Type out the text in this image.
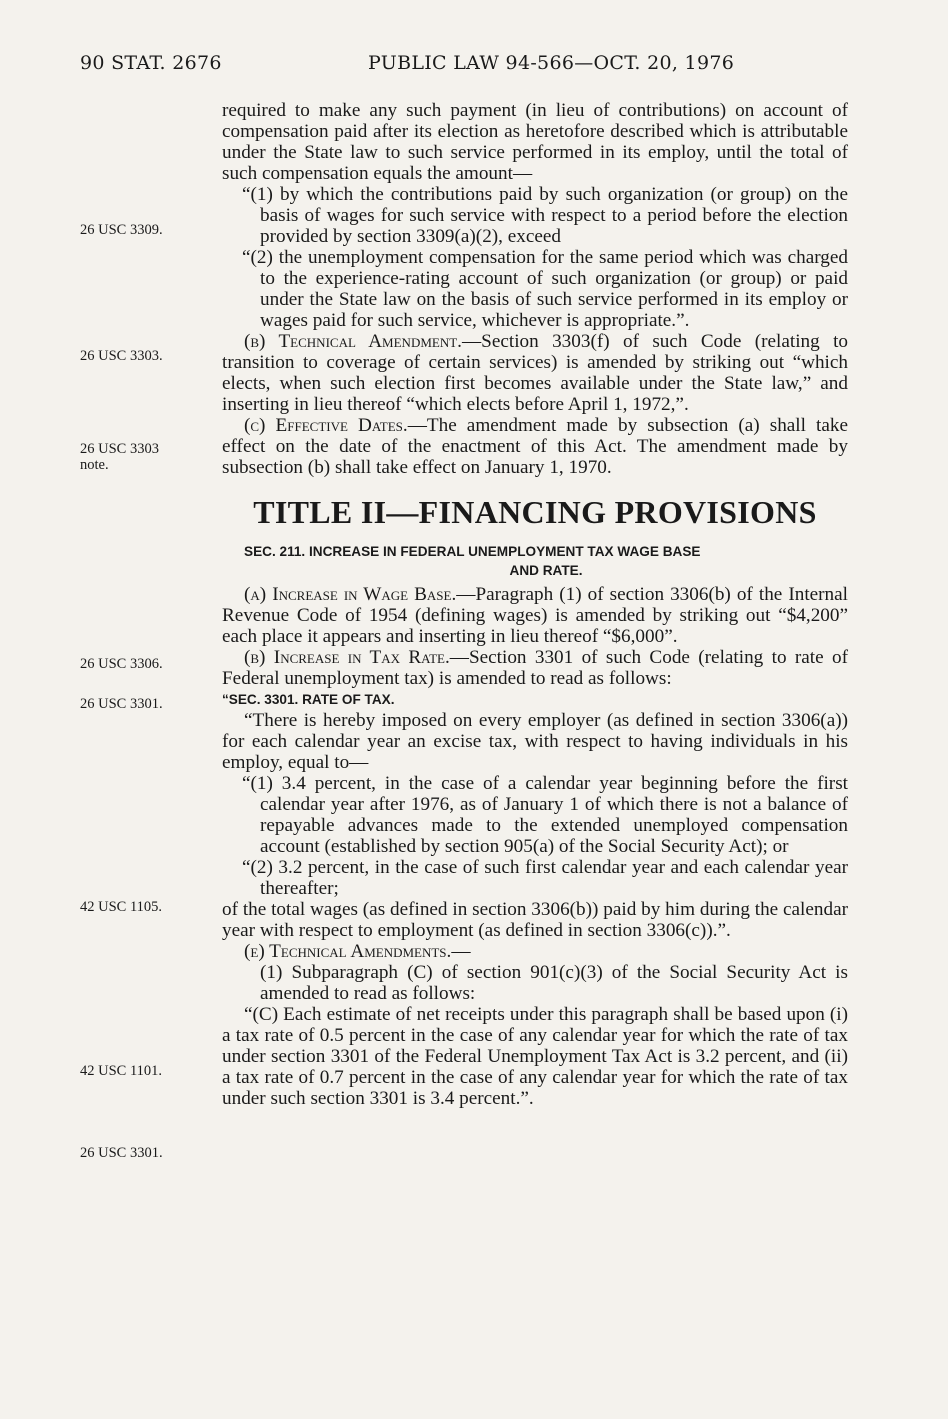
90 STAT. 2676	PUBLIC LAW 94-566—OCT. 20, 1976
26 USC 3309.
26 USC 3303.
26 USC 3303
note.
26 USC 3306.
26 USC 3301.
42 USC 1105.
42 USC 1101.
26 USC 3301.

required to make any such payment (in lieu of contributions) on account of compensation paid after its election as heretofore described which is attributable under the State law to such service performed in its employ, until the total of such compensation equals the amount—

“(1) by which the contributions paid by such organization (or group) on the basis of wages for such service with respect to a period before the election provided by section 3309(a)(2), exceed

“(2) the unemployment compensation for the same period which was charged to the experience-rating account of such organization (or group) or paid under the State law on the basis of such service performed in its employ or wages paid for such service, whichever is appropriate.”.

(b) Technical Amendment.—Section 3303(f) of such Code (relating to transition to coverage of certain services) is amended by striking out “which elects, when such election first becomes available under the State law,” and inserting in lieu thereof “which elects before April 1, 1972,”.

(c) Effective Dates.—The amendment made by subsection (a) shall take effect on the date of the enactment of this Act. The amendment made by subsection (b) shall take effect on January 1, 1970.

TITLE II—FINANCING PROVISIONS

SEC. 211. INCREASE IN FEDERAL UNEMPLOYMENT TAX WAGE BASE
AND RATE.

(a) Increase in Wage Base.—Paragraph (1) of section 3306(b) of the Internal Revenue Code of 1954 (defining wages) is amended by striking out “$4,200” each place it appears and inserting in lieu thereof “$6,000”.

(b) Increase in Tax Rate.—Section 3301 of such Code (relating to rate of Federal unemployment tax) is amended to read as follows:

“SEC. 3301. RATE OF TAX.

“There is hereby imposed on every employer (as defined in section 3306(a)) for each calendar year an excise tax, with respect to having individuals in his employ, equal to—

“(1) 3.4 percent, in the case of a calendar year beginning before the first calendar year after 1976, as of January 1 of which there is not a balance of repayable advances made to the extended unemployed compensation account (established by section 905(a) of the Social Security Act); or

“(2) 3.2 percent, in the case of such first calendar year and each calendar year thereafter;

of the total wages (as defined in section 3306(b)) paid by him during the calendar year with respect to employment (as defined in section 3306(c)).”.

(e) Technical Amendments.—

(1) Subparagraph (C) of section 901(c)(3) of the Social Security Act is amended to read as follows:

“(C) Each estimate of net receipts under this paragraph shall be based upon (i) a tax rate of 0.5 percent in the case of any calendar year for which the rate of tax under section 3301 of the Federal Unemployment Tax Act is 3.2 percent, and (ii) a tax rate of 0.7 percent in the case of any calendar year for which the rate of tax under such section 3301 is 3.4 percent.”.
